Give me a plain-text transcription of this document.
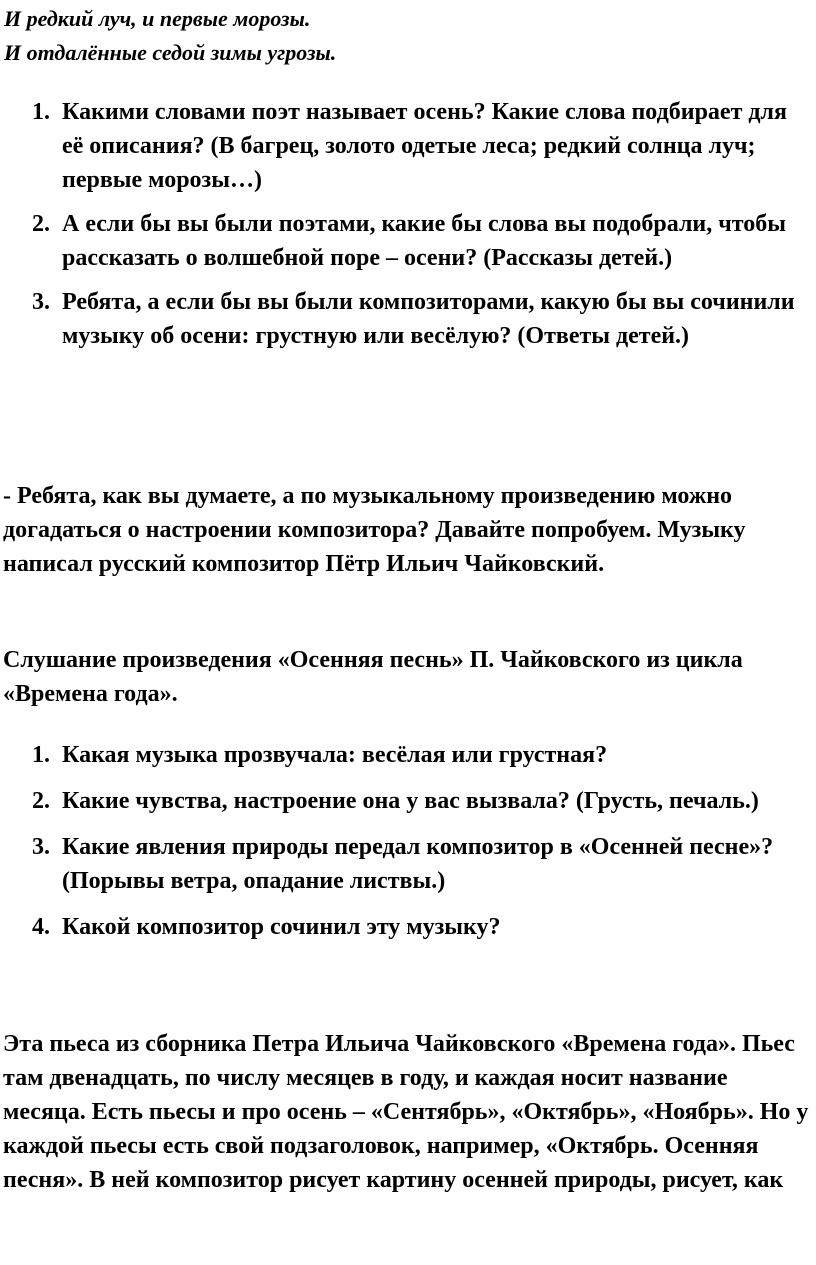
И редкий луч, и первые морозы.
И отдалённые седой зимы угрозы.
1. Какими словами поэт называет осень? Какие слова подбирает для её описания? (В багрец, золото одетые леса; редкий солнца луч; первые морозы…)
2. А если бы вы были поэтами, какие бы слова вы подобрали, чтобы рассказать о волшебной поре – осени? (Рассказы детей.)
3. Ребята, а если бы вы были композиторами, какую бы вы сочинили музыку об осени: грустную или весёлую? (Ответы детей.)

- Ребята, как вы думаете, а по музыкальному произведению можно догадаться о настроении композитора? Давайте попробуем. Музыку написал русский композитор Пётр Ильич Чайковский.

Слушание произведения «Осенняя песнь» П. Чайковского из цикла «Времена года».

1. Какая музыка прозвучала: весёлая или грустная?
2. Какие чувства, настроение она у вас вызвала? (Грусть, печаль.)
3. Какие явления природы передал композитор в «Осенней песне»? (Порывы ветра, опадание листвы.)
4. Какой композитор сочинил эту музыку?

Эта пьеса из сборника Петра Ильича Чайковского «Времена года». Пьес там двенадцать, по числу месяцев в году, и каждая носит название месяца. Есть пьесы и про осень – «Сентябрь», «Октябрь», «Ноябрь». Но у каждой пьесы есть свой подзаголовок, например, «Октябрь. Осенняя песня». В ней композитор рисует картину осенней природы, рисует, как
